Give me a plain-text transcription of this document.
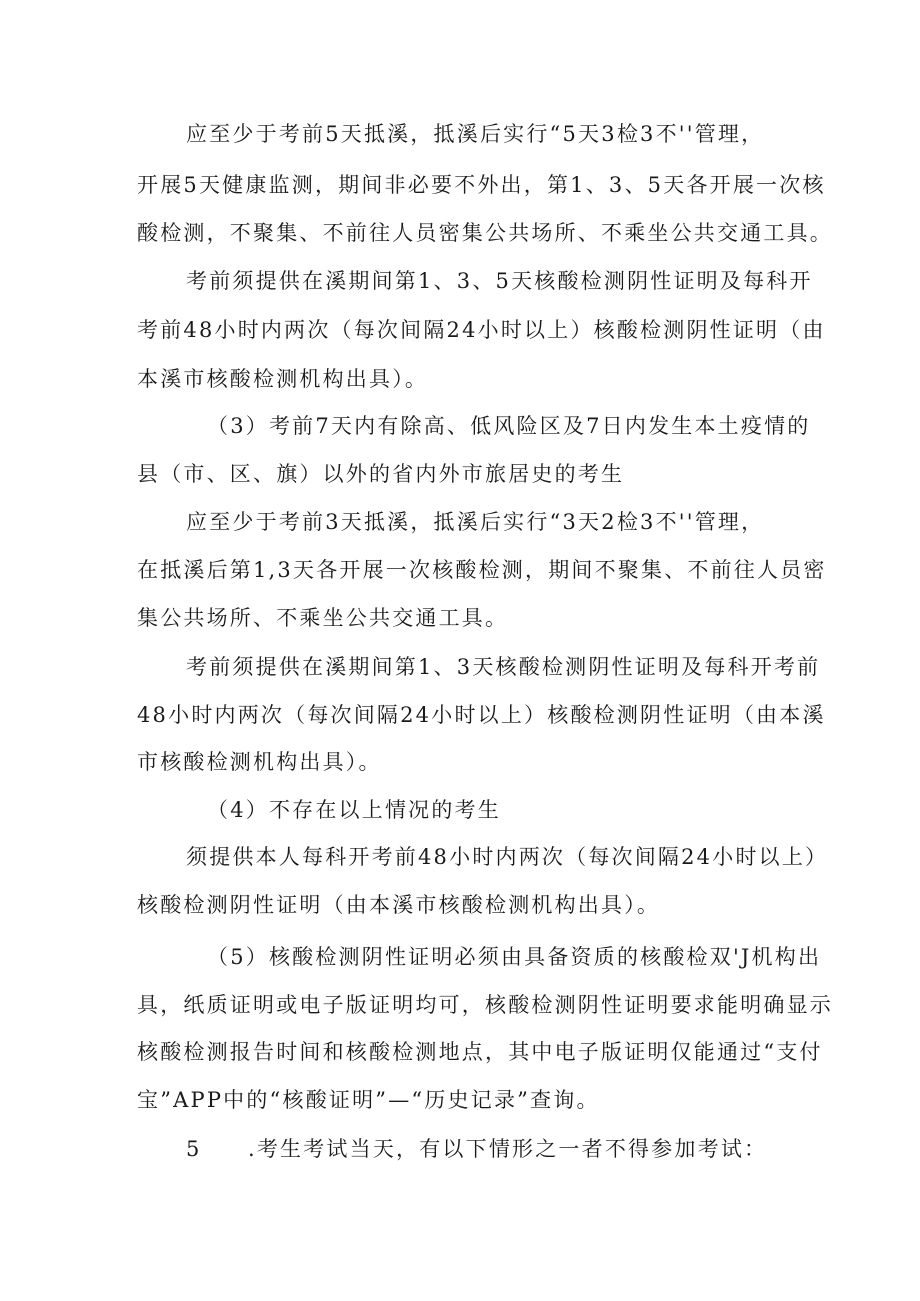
应至少于考前5天抵溪，抵溪后实行“5天3检3不''管理，
开展5天健康监测，期间非必要不外出，第1、3、5天各开展一次核
酸检测，不聚集、不前往人员密集公共场所、不乘坐公共交通工具。
考前须提供在溪期间第1、3、5天核酸检测阴性证明及每科开
考前48小时内两次（每次间隔24小时以上）核酸检测阴性证明（由
本溪市核酸检测机构出具）。
（3）考前7天内有除高、低风险区及7日内发生本土疫情的
县（市、区、旗）以外的省内外市旅居史的考生
应至少于考前3天抵溪，抵溪后实行“3天2检3不''管理，
在抵溪后第1,3天各开展一次核酸检测，期间不聚集、不前往人员密
集公共场所、不乘坐公共交通工具。
考前须提供在溪期间第1、3天核酸检测阴性证明及每科开考前
48小时内两次（每次间隔24小时以上）核酸检测阴性证明（由本溪
市核酸检测机构出具）。
（4）不存在以上情况的考生
须提供本人每科开考前48小时内两次（每次间隔24小时以上）
核酸检测阴性证明（由本溪市核酸检测机构出具）。
（5）核酸检测阴性证明必须由具备资质的核酸检双'J机构出
具，纸质证明或电子版证明均可，核酸检测阴性证明要求能明确显示
核酸检测报告时间和核酸检测地点，其中电子版证明仅能通过“支付
宝”APP中的“核酸证明”—“历史记录”查询。
5　　.考生考试当天，有以下情形之一者不得参加考试：
